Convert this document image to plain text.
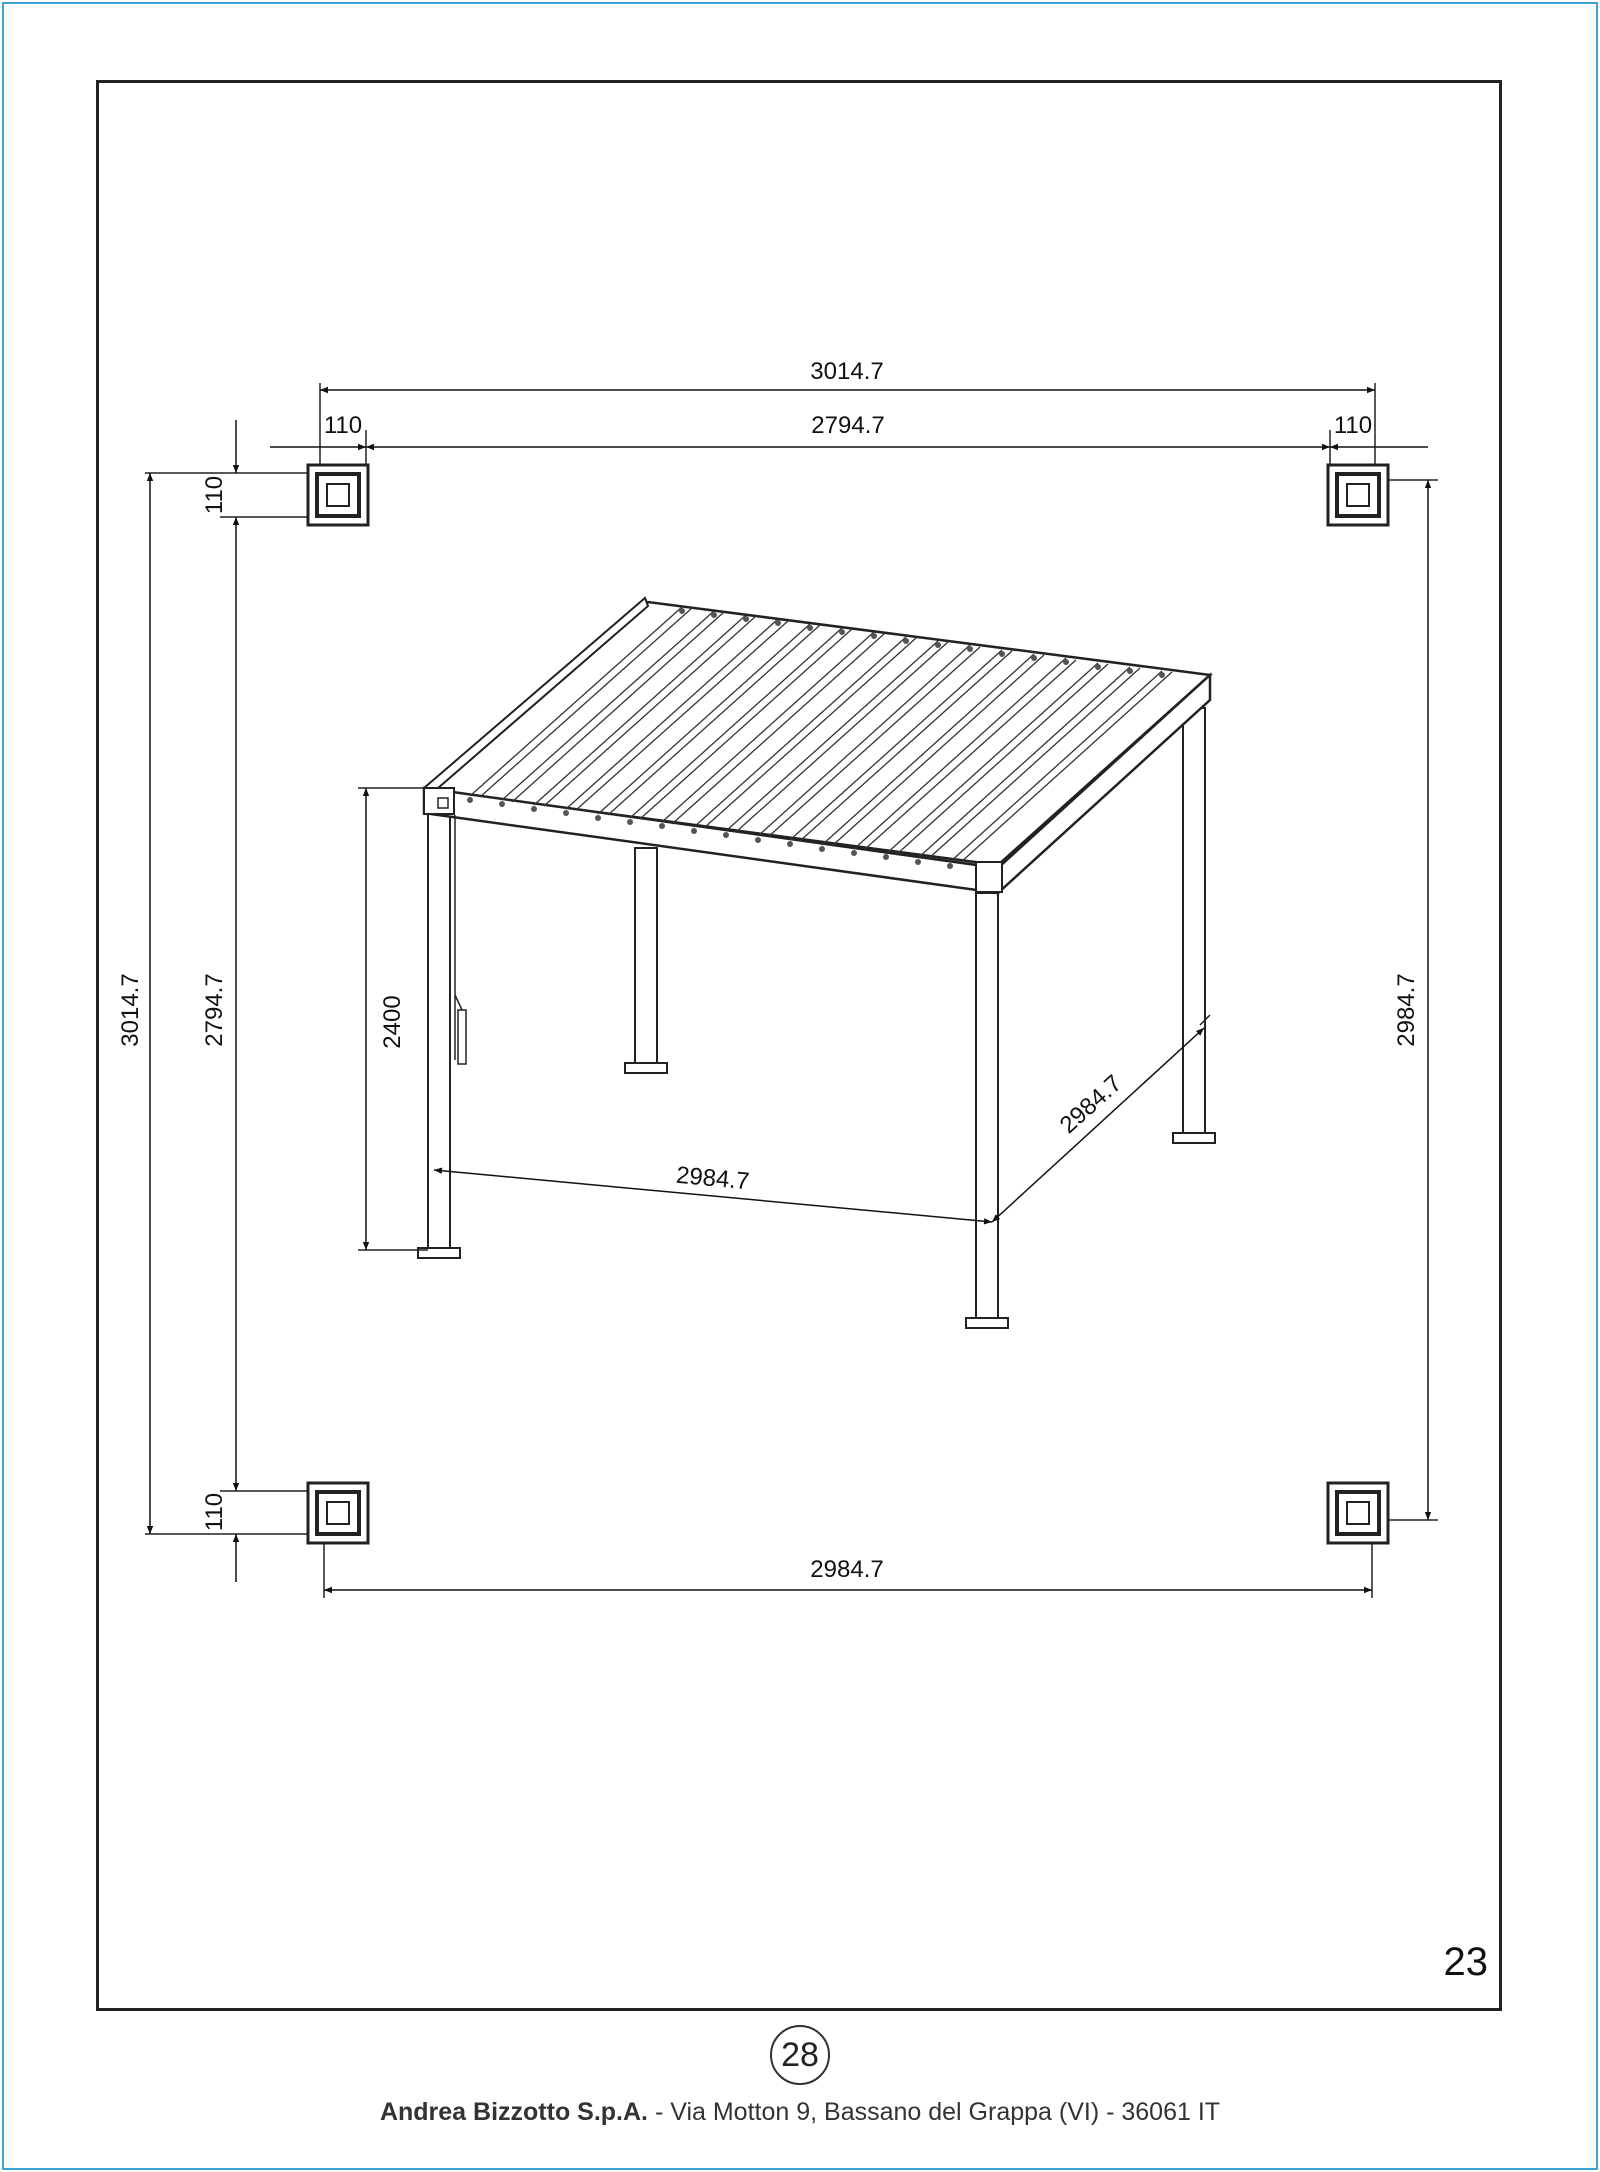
3014.7
110	2794.7	110
3014.7 2794.7
110
110
2984.7
2984.7
2400
2984.7
2984.7
23
28
Andrea Bizzotto S.p.A. - Via Motton 9, Bassano del Grappa (VI) - 36061 IT
